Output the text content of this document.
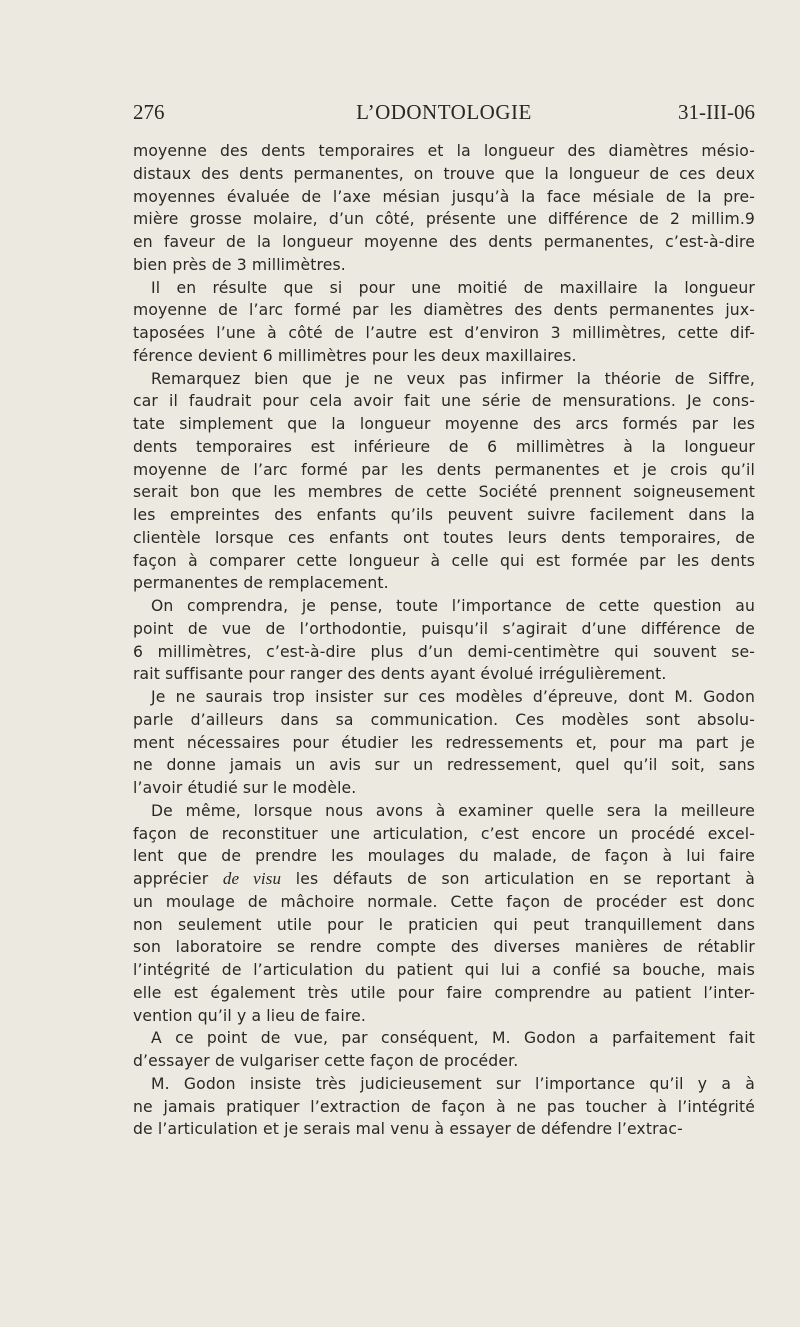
276	L’ODONTOLOGIE	31-III-06
moyenne des dents temporaires et la longueur des diamètres mésio-
distaux des dents permanentes, on trouve que la longueur de ces deux
moyennes évaluée de l’axe mésian jusqu’à la face mésiale de la pre-
mière grosse molaire, d’un côté, présente une différence de 2 millim.9
en faveur de la longueur moyenne des dents permanentes, c’est-à-dire
bien près de 3 millimètres.
Il en résulte que si pour une moitié de maxillaire la longueur
moyenne de l’arc formé par les diamètres des dents permanentes jux-
taposées l’une à côté de l’autre est d’environ 3 millimètres, cette dif-
férence devient 6 millimètres pour les deux maxillaires.
Remarquez bien que je ne veux pas infirmer la théorie de Siffre,
car il faudrait pour cela avoir fait une série de mensurations. Je cons-
tate simplement que la longueur moyenne des arcs formés par les
dents temporaires est inférieure de 6 millimètres à la longueur
moyenne de l’arc formé par les dents permanentes et je crois qu’il
serait bon que les membres de cette Société prennent soigneusement
les empreintes des enfants qu’ils peuvent suivre facilement dans la
clientèle lorsque ces enfants ont toutes leurs dents temporaires, de
façon à comparer cette longueur à celle qui est formée par les dents
permanentes de remplacement.
On comprendra, je pense, toute l’importance de cette question au
point de vue de l’orthodontie, puisqu’il s’agirait d’une différence de
6 millimètres, c’est-à-dire plus d’un demi-centimètre qui souvent se-
rait suffisante pour ranger des dents ayant évolué irrégulièrement.
Je ne saurais trop insister sur ces modèles d’épreuve, dont M. Godon
parle d’ailleurs dans sa communication. Ces modèles sont absolu-
ment nécessaires pour étudier les redressements et, pour ma part je
ne donne jamais un avis sur un redressement, quel qu’il soit, sans
l’avoir étudié sur le modèle.
De même, lorsque nous avons à examiner quelle sera la meilleure
façon de reconstituer une articulation, c’est encore un procédé excel-
lent que de prendre les moulages du malade, de façon à lui faire
apprécier de visu les défauts de son articulation en se reportant à
un moulage de mâchoire normale. Cette façon de procéder est donc
non seulement utile pour le praticien qui peut tranquillement dans
son laboratoire se rendre compte des diverses manières de rétablir
l’intégrité de l’articulation du patient qui lui a confié sa bouche, mais
elle est également très utile pour faire comprendre au patient l’inter-
vention qu’il y a lieu de faire.
A ce point de vue, par conséquent, M. Godon a parfaitement fait
d’essayer de vulgariser cette façon de procéder.
M. Godon insiste très judicieusement sur l’importance qu’il y a à
ne jamais pratiquer l’extraction de façon à ne pas toucher à l’intégrité
de l’articulation et je serais mal venu à essayer de défendre l’extrac-
